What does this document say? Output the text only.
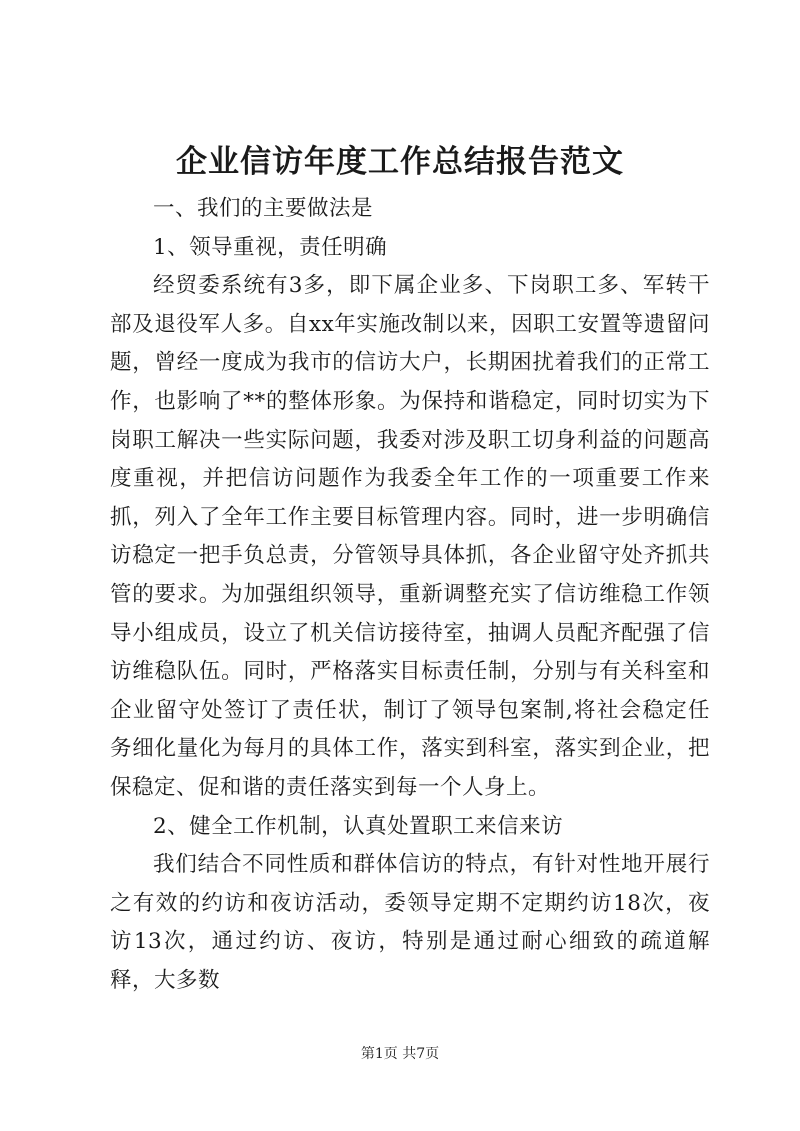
企业信访年度工作总结报告范文

一、我们的主要做法是

1、领导重视，责任明确

经贸委系统有3多，即下属企业多、下岗职工多、军转干部及退役军人多。自xx年实施改制以来，因职工安置等遗留问题，曾经一度成为我市的信访大户，长期困扰着我们的正常工作，也影响了**的整体形象。为保持和谐稳定，同时切实为下岗职工解决一些实际问题，我委对涉及职工切身利益的问题高度重视，并把信访问题作为我委全年工作的一项重要工作来抓，列入了全年工作主要目标管理内容。同时，进一步明确信访稳定一把手负总责，分管领导具体抓，各企业留守处齐抓共管的要求。为加强组织领导，重新调整充实了信访维稳工作领导小组成员，设立了机关信访接待室，抽调人员配齐配强了信访维稳队伍。同时，严格落实目标责任制，分别与有关科室和企业留守处签订了责任状，制订了领导包案制,将社会稳定任务细化量化为每月的具体工作，落实到科室，落实到企业，把保稳定、促和谐的责任落实到每一个人身上。

2、健全工作机制，认真处置职工来信来访

我们结合不同性质和群体信访的特点，有针对性地开展行之有效的约访和夜访活动，委领导定期不定期约访18次，夜访13次，通过约访、夜访，特别是通过耐心细致的疏道解释，大多数

第1页 共7页
